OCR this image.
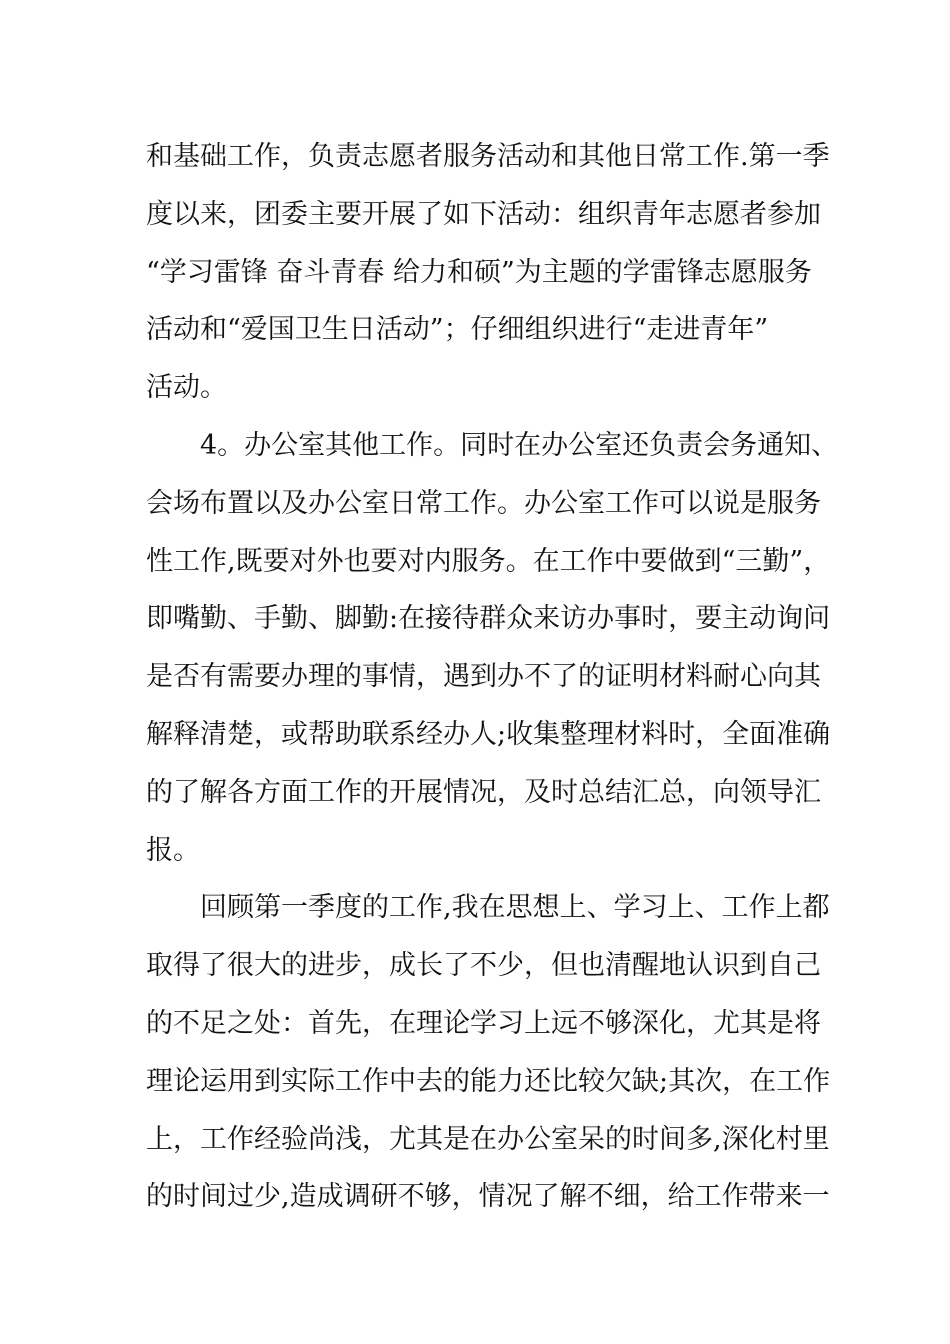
和基础工作，负责志愿者服务活动和其他日常工作.第一季
度以来，团委主要开展了如下活动：组织青年志愿者参加
“学习雷锋 奋斗青春 给力和硕”为主题的学雷锋志愿服务
活动和“爱国卫生日活动”；仔细组织进行“走进青年”
活动。
4。办公室其他工作。同时在办公室还负责会务通知、
会场布置以及办公室日常工作。办公室工作可以说是服务
性工作,既要对外也要对内服务。在工作中要做到“三勤”，
即嘴勤、手勤、脚勤:在接待群众来访办事时，要主动询问
是否有需要办理的事情，遇到办不了的证明材料耐心向其
解释清楚，或帮助联系经办人;收集整理材料时，全面准确
的了解各方面工作的开展情况，及时总结汇总，向领导汇
报。
回顾第一季度的工作,我在思想上、学习上、工作上都
取得了很大的进步，成长了不少，但也清醒地认识到自己
的不足之处：首先，在理论学习上远不够深化，尤其是将
理论运用到实际工作中去的能力还比较欠缺;其次，在工作
上，工作经验尚浅，尤其是在办公室呆的时间多,深化村里
的时间过少,造成调研不够，情况了解不细，给工作带来一
